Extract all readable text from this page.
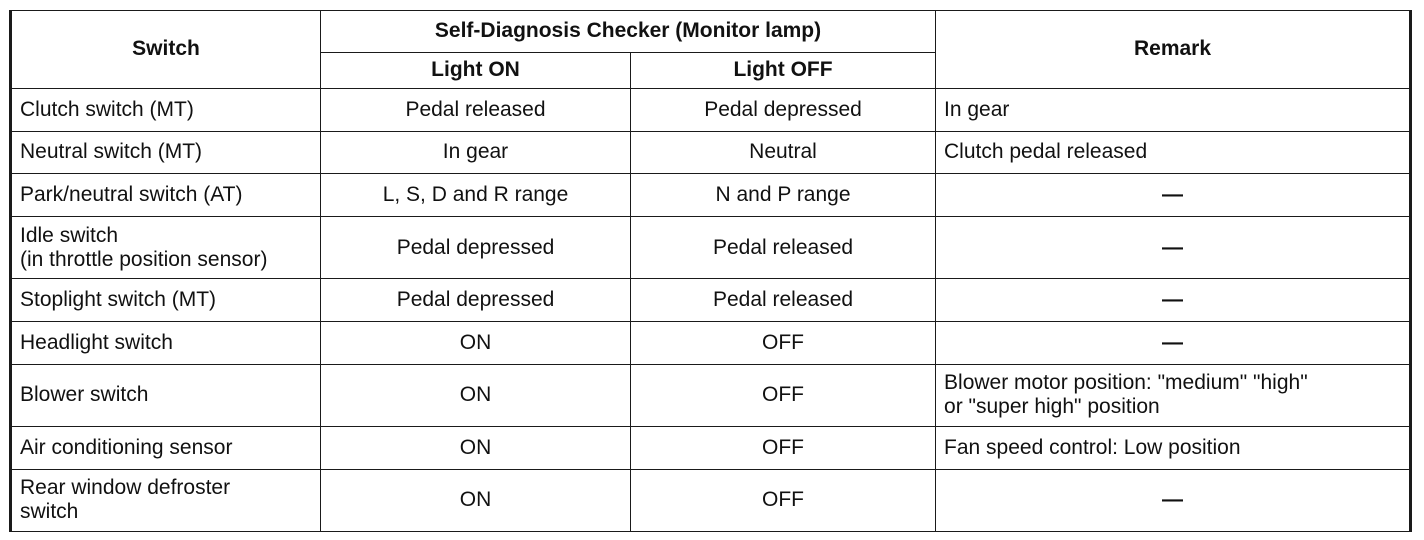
Switch	Self-Diagnosis Checker (Monitor lamp)		Remark
	Light ON	Light OFF	

Clutch switch (MT)	Pedal released	Pedal depressed	In gear

Neutral switch (MT)	In gear	Neutral	Clutch pedal released

Park/neutral switch (AT)	L, S, D and R range	N and P range	—

Idle switch
(in throttle position sensor)	Pedal depressed	Pedal released	—

Stoplight switch (MT)	Pedal depressed	Pedal released	—

Headlight switch	ON	OFF	—

Blower switch	ON	OFF	Blower motor position: "medium" "high"
or "super high" position

Air conditioning sensor	ON	OFF	Fan speed control: Low position

Rear window defroster
switch	ON	OFF	—
